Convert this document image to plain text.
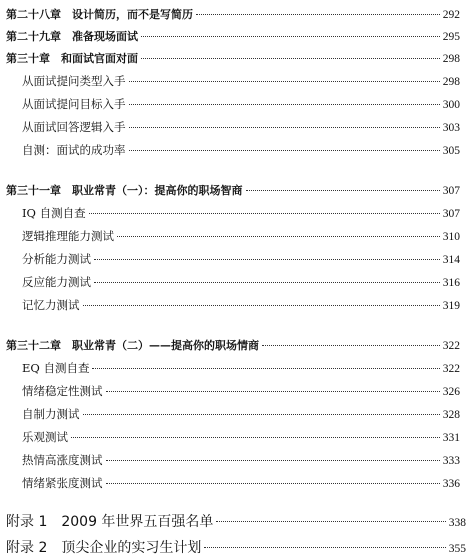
第二十八章　设计简历，而不是写简历	292
第二十九章　准备现场面试	295
第三十章　和面试官面对面	298
从面试提问类型入手	298
从面试提问目标入手	300
从面试回答逻辑入手	303
自测：面试的成功率	305
第三十一章　职业常青（一）：提高你的职场智商	307
IQ 自测自查	307
逻辑推理能力测试	310
分析能力测试	314
反应能力测试	316
记忆力测试	319
第三十二章　职业常青（二）——提高你的职场情商	322
EQ 自测自查	322
情绪稳定性测试	326
自制力测试	328
乐观测试	331
热情高涨度测试	333
情绪紧张度测试	336
附录 1　2009 年世界五百强名单	338
附录 2　顶尖企业的实习生计划	355
